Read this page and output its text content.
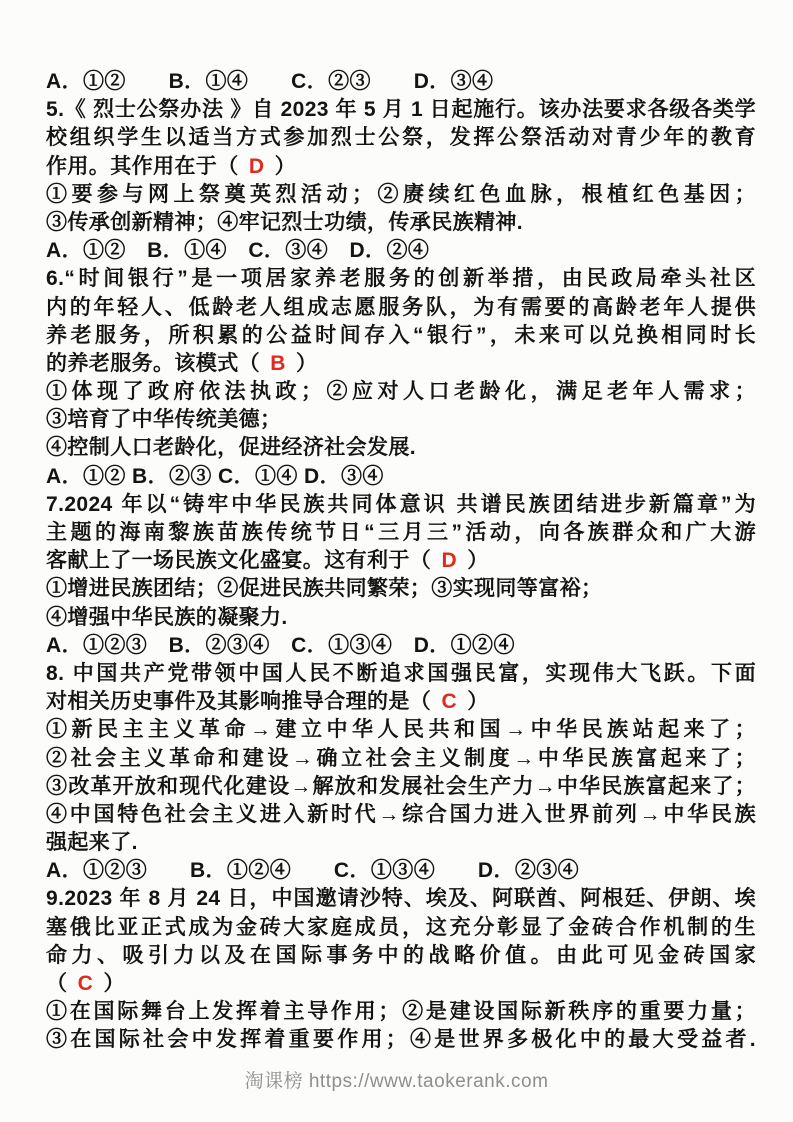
A．①②　　B．①④　　C．②③　　D．③④
5.《 烈士公祭办法 》自 2023 年 5 月 1 日起施行。该办法要求各级各类学
校组织学生以适当方式参加烈士公祭，发挥公祭活动对青少年的教育
作用。其作用在于（ D ）
①要参与网上祭奠英烈活动；②赓续红色血脉，根植红色基因；
③传承创新精神；④牢记烈士功绩，传承民族精神.
A．①②　B．①④　C．③④　D．②④
6.“时间银行”是一项居家养老服务的创新举措，由民政局牵头社区
内的年轻人、低龄老人组成志愿服务队，为有需要的高龄老年人提供
养老服务，所积累的公益时间存入“银行”，未来可以兑换相同时长
的养老服务。该模式（ B ）
①体现了政府依法执政；②应对人口老龄化，满足老年人需求；
③培育了中华传统美德；
④控制人口老龄化，促进经济社会发展.
A．①② B．②③ C．①④ D．③④
7.2024 年以“铸牢中华民族共同体意识 共谱民族团结进步新篇章”为
主题的海南黎族苗族传统节日“三月三”活动，向各族群众和广大游
客献上了一场民族文化盛宴。这有利于（ D ）
①增进民族团结；②促进民族共同繁荣；③实现同等富裕；
④增强中华民族的凝聚力.
A．①②③　B．②③④　C．①③④　D．①②④
8. 中国共产党带领中国人民不断追求国强民富，实现伟大飞跃。下面
对相关历史事件及其影响推导合理的是（ C ）
①新民主主义革命→建立中华人民共和国→中华民族站起来了；
②社会主义革命和建设→确立社会主义制度→中华民族富起来了；
③改革开放和现代化建设→解放和发展社会生产力→中华民族富起来了；
④中国特色社会主义进入新时代→综合国力进入世界前列→中华民族
强起来了.
A．①②③　　B．①②④　　C．①③④　　D．②③④
9.2023 年 8 月 24 日，中国邀请沙特、埃及、阿联酋、阿根廷、伊朗、埃
塞俄比亚正式成为金砖大家庭成员，这充分彰显了金砖合作机制的生
命力、吸引力以及在国际事务中的战略价值。由此可见金砖国家
（ C ）
①在国际舞台上发挥着主导作用；②是建设国际新秩序的重要力量；
③在国际社会中发挥着重要作用；④是世界多极化中的最大受益者.
淘课榜 https://www.taokerank.com
